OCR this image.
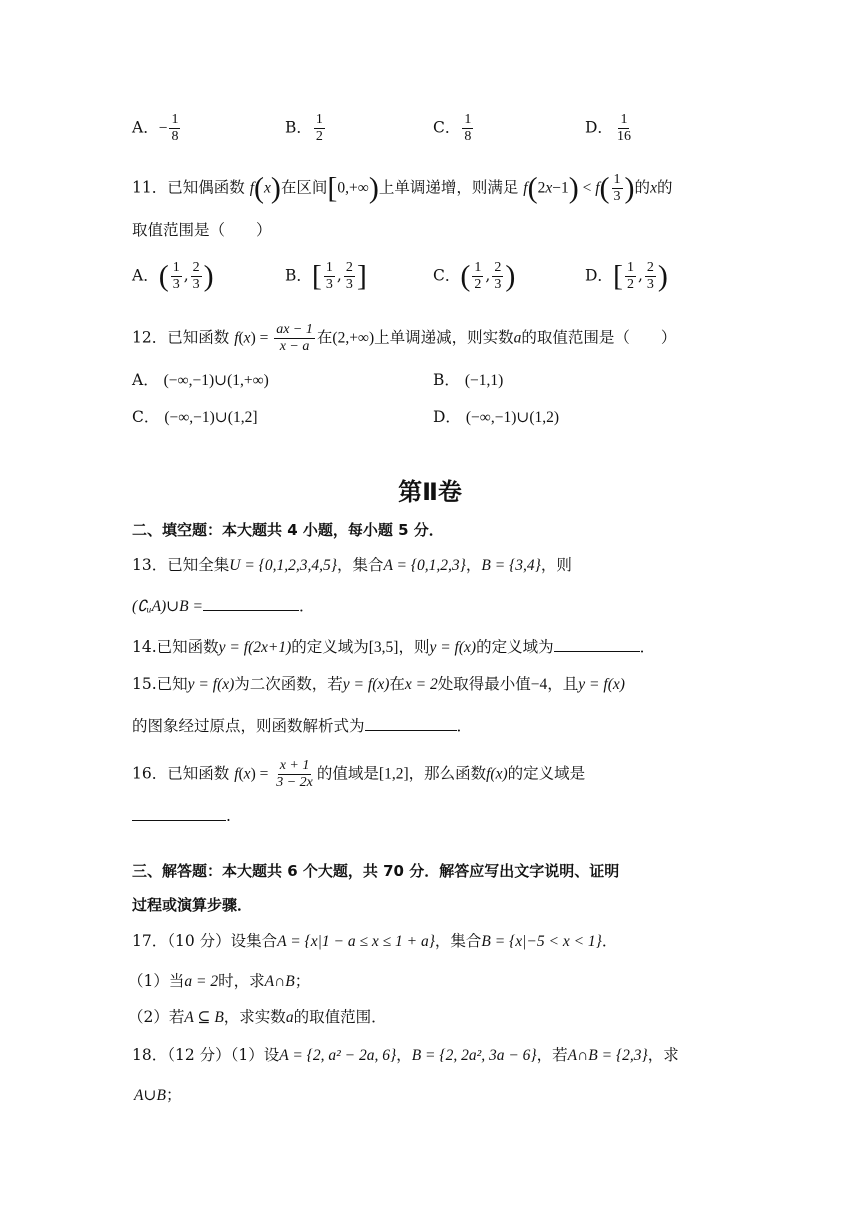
A．− $\frac{1}{8}$	B． $\frac{1}{2}$	C． $\frac{1}{8}$	D． $\frac{1}{16}$
11．已知偶函数 f(x)在区间[0,+∞)上单调递增，则满足 $f(2x-1) < f( \frac{1}{3}$ )的x的
取值范围是（　　）
A．( $\frac{1}{3}$ , $\frac{2}{3}$ )	B．[ $\frac{1}{3}$ , $\frac{2}{3}$ ]	C．( $\frac{1}{2}$ , $\frac{2}{3}$ )	D．[ $\frac{1}{2}$ , $\frac{2}{3}$ )
12．已知函数 $f(x) = \frac{ax - 1}{x - a}$ 在(2,+∞)上单调递减，则实数a的取值范围是（　　）
A． (−∞,−1)∪(1,+∞)	B． (−1,1)
C． (−∞,−1)∪(1,2]	D． (−∞,−1)∪(1,2)
第Ⅱ卷
二、填空题：本大题共 4 小题，每小题 5 分．
13．已知全集U = {0,1,2,3,4,5}，集合A = {0,1,2,3}，B = {3,4}，则
(∁ᵤA)∪B =	．
14.已知函数y = f(2x+1)的定义域为[3,5]，则y = f(x)的定义域为	．
15.已知y = f(x)为二次函数，若y = f(x)在x = 2处取得最小值−4，且y = f(x)
的图象经过原点，则函数解析式为	．
16．已知函数 $f(x) = \frac{x + 1}{3 - 2x}$ 的值域是[1,2]，那么函数f(x)的定义域是
.
三、解答题：本大题共 6 个大题，共 70 分．解答应写出文字说明、证明
过程或演算步骤．
17．（10 分）设集合A = {x|1 − a ≤ x ≤ 1 + a}，集合B = {x|−5 < x < 1}．
（1）当a = 2时，求A∩B；
（2）若A ⊆ B，求实数a的取值范围．
18．（12 分）（1）设A = {2, a² − 2a, 6}，B = {2, 2a², 3a − 6}，若A∩B = {2,3}，求
A∪B；
